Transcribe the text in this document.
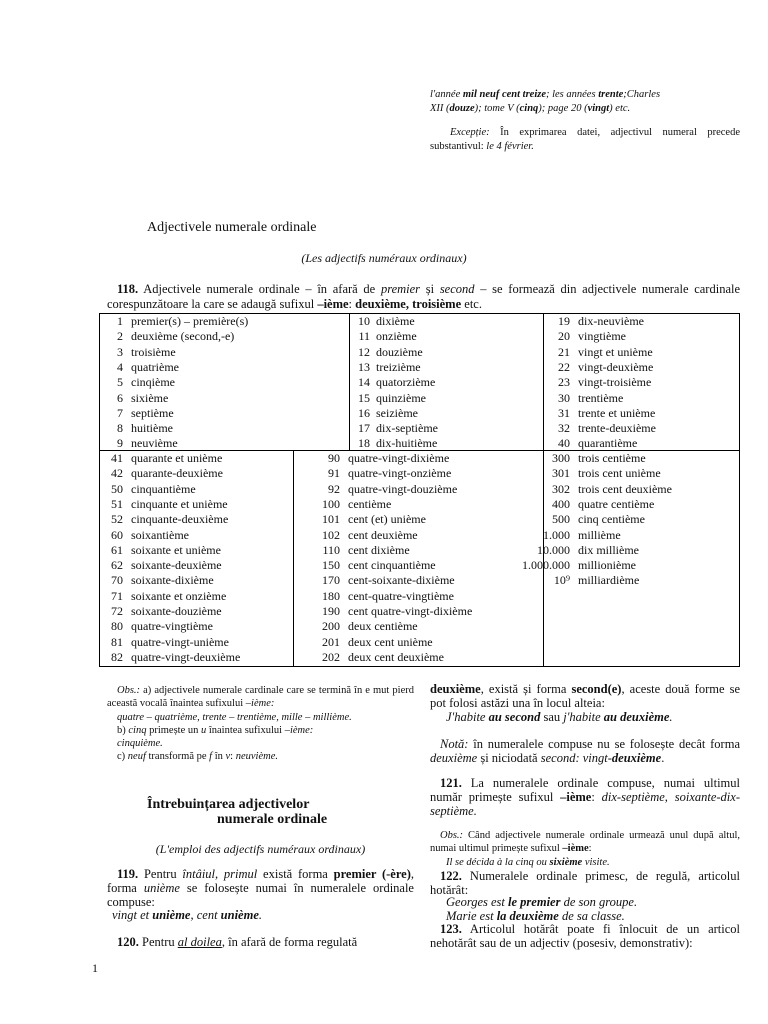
l'année mil neuf cent treize; les années trente;Charles
XII (douze); tome V (cinq); page 20 (vingt) etc.
Excepție: În exprimarea datei, adjectivul numeral precede substantivul: le 4 février.
Adjectivele numerale ordinale
(Les adjectifs numéraux ordinaux)
118. Adjectivele numerale ordinale – în afară de premier și second – se formează din adjectivele numerale cardinale corespunzătoare la care se adaugă sufixul –ième: deuxième, troisième etc.
1 premier(s) – première(s)
2 deuxième (second,-e)
3 troisième
4 quatrième
5 cinqième
6 sixième
7 septième
8 huitième
9 neuvième
10 dixième
11 onzième
12 douzième
13 treizième
14 quatorzième
15 quinzième
16 seizième
17 dix-septième
18 dix-huitième
19 dix-neuvième
20 vingtième
21 vingt et unième
22 vingt-deuxième
23 vingt-troisième
30 trentième
31 trente et unième
32 trente-deuxième
40 quarantième
41 quarante et unième
42 quarante-deuxième
50 cinquantième
51 cinquante et unième
52 cinquante-deuxième
60 soixantième
61 soixante et unième
62 soixante-deuxième
70 soixante-dixième
71 soixante et onzième
72 soixante-douzième
80 quatre-vingtième
81 quatre-vingt-unième
82 quatre-vingt-deuxième
90 quatre-vingt-dixième
91 quatre-vingt-onzième
92 quatre-vingt-douzième
100 centième
101 cent (et) unième
102 cent deuxième
110 cent dixième
150 cent cinquantième
170 cent-soixante-dixième
180 cent-quatre-vingtième
190 cent quatre-vingt-dixième
200 deux centième
201 deux cent unième
202 deux cent deuxième
300 trois centième
301 trois cent unième
302 trois cent deuxième
400 quatre centième
500 cinq centième
1.000 millième
10.000 dix millième
1.000.000 millionième
10⁹ milliardième
Obs.: a) adjectivele numerale cardinale care se termină în e mut pierd această vocală înaintea sufixului –ième:
quatre – quatrième, trente – trentième, mille – millième.
b) cinq primește un u înaintea sufixului –ième:
cinquième.
c) neuf transformă pe f în v: neuvième.
Întrebuințarea adjectivelor
numerale ordinale
(L'emploi des adjectifs numéraux ordinaux)
119. Pentru întâiul, primul există forma premier (-ère), forma unième se folosește numai în numeralele ordinale compuse:
vingt et unième, cent unième.
120. Pentru al doilea, în afară de forma regulată
deuxième, există și forma second(e), aceste două forme se pot folosi astăzi una în locul alteia:
J'habite au second sau j'habite au deuxième.
Notă: în numeralele compuse nu se folosește decât forma deuxième și niciodată second: vingt-deuxième.
121. La numeralele ordinale compuse, numai ultimul număr primește sufixul –ième: dix-septième, soixante-dix-septième.
Obs.: Când adjectivele numerale ordinale urmează unul după altul, numai ultimul primește sufixul –ième:
Il se décida à la cinq ou sixième visite.
122. Numeralele ordinale primesc, de regulă, articolul hotărât:
Georges est le premier de son groupe.
Marie est la deuxième de sa classe.
123. Articolul hotărât poate fi înlocuit de un articol nehotărât sau de un adjectiv (posesiv, demonstrativ):
1
